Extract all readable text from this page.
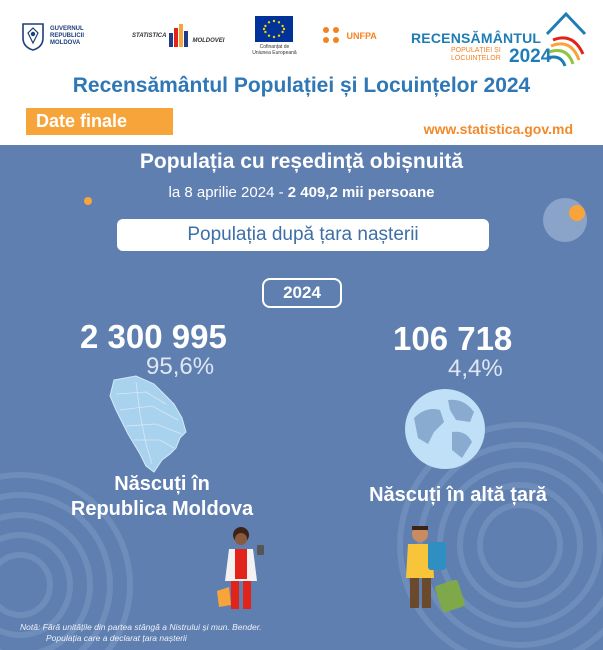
GUVERNUL
REPUBLICII
MOLDOVA
STATISTICA
MOLDOVEI
Cofinanțat de
Uniunea Europeană
UNFPA RECENSĂMÂNTUL
POPULAȚIEI ȘI
LOCUINȚELOR 2024
Recensământul Populației și Locuințelor 2024
Date finale	www.statistica.gov.md
Populația cu reședință obișnuită
la 8 aprilie 2024 - 2 409,2 mii persoane
Populația după țara nașterii
2024
2 300 995
95,6%
Născuți în
Republica Moldova
106 718
4,4%
Născuți în altă țară
Notă: Fără unitățile din partea stângă a Nistrului și mun. Bender.
Populația care a declarat țara nașterii
